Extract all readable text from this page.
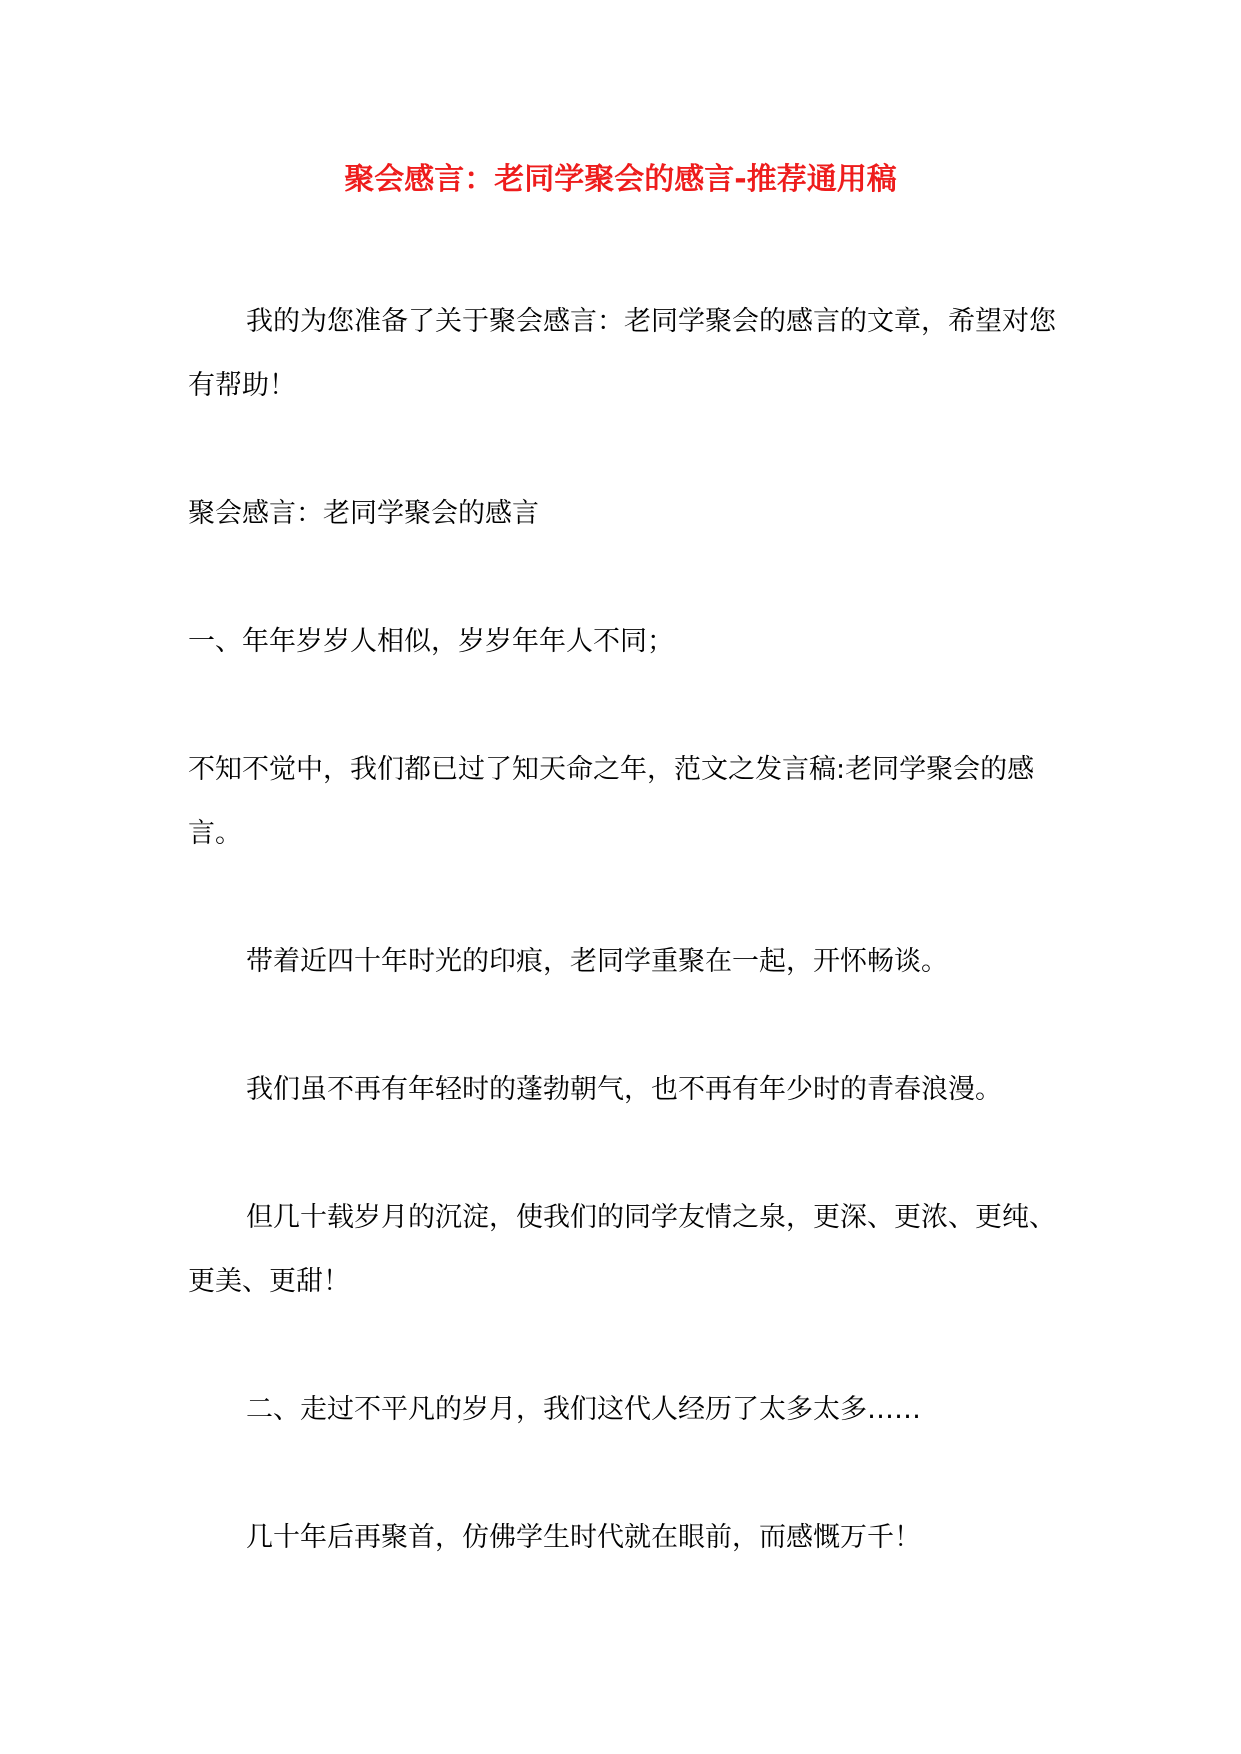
聚会感言：老同学聚会的感言-推荐通用稿

我的为您准备了关于聚会感言：老同学聚会的感言的文章，希望对您有帮助！

聚会感言：老同学聚会的感言

一、年年岁岁人相似，岁岁年年人不同；

不知不觉中，我们都已过了知天命之年，范文之发言稿:老同学聚会的感言。

带着近四十年时光的印痕，老同学重聚在一起，开怀畅谈。

我们虽不再有年轻时的蓬勃朝气，也不再有年少时的青春浪漫。

但几十载岁月的沉淀，使我们的同学友情之泉，更深、更浓、更纯、更美、更甜！

二、走过不平凡的岁月，我们这代人经历了太多太多……

几十年后再聚首，仿佛学生时代就在眼前，而感慨万千！
